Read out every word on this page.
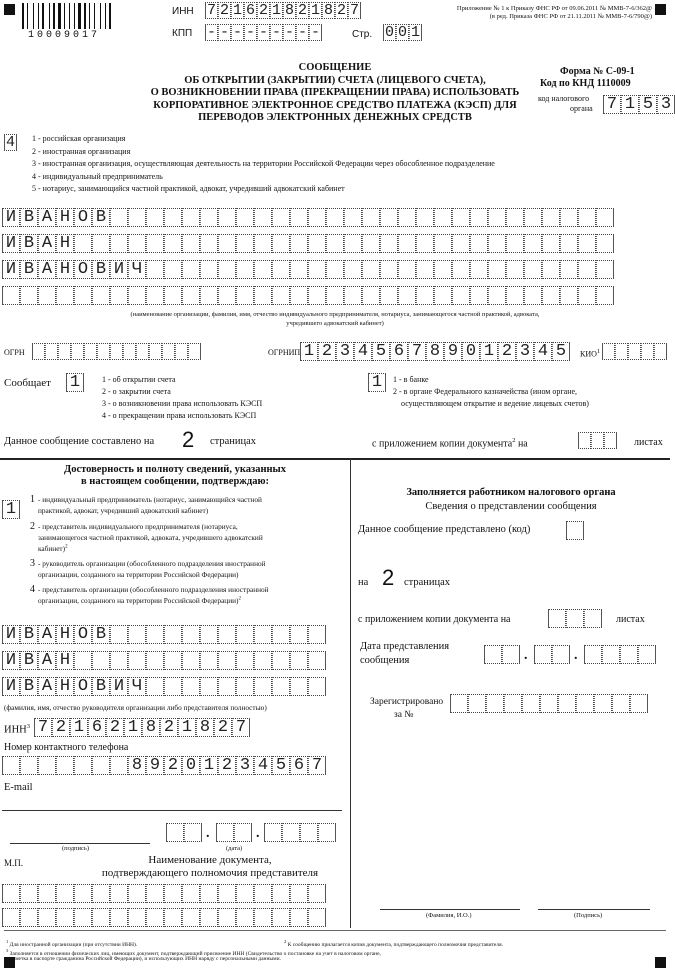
10009017
ИНН 7 2 1 6 2 1 8 2 1 8 2 7
КПП - - - - - - - - -	Стр. 0 0 1
Приложение № 1 к Приказу ФНС РФ от 09.06.2011 № ММВ-7-6/362@
(в ред. Приказа ФНС РФ от 21.11.2011 № ММВ-7-6/790@)
Форма № С-09-1
Код по КНД 1110009
код налогового
органа 7 1 5 3
СООБЩЕНИЕ
ОБ ОТКРЫТИИ (ЗАКРЫТИИ) СЧЕТА (ЛИЦЕВОГО СЧЕТА),
О ВОЗНИКНОВЕНИИ ПРАВА (ПРЕКРАЩЕНИИ ПРАВА) ИСПОЛЬЗОВАТЬ
КОРПОРАТИВНОЕ ЭЛЕКТРОННОЕ СРЕДСТВО ПЛАТЕЖА (КЭСП) ДЛЯ
ПЕРЕВОДОВ ЭЛЕКТРОННЫХ ДЕНЕЖНЫХ СРЕДСТВ
4 1 - российская организация
2 - иностранная организация
3 - иностранная организация, осуществляющая деятельность на территории Российской Федерации через обособленное подразделение
4 - индивидуальный предприниматель
5 - нотариус, занимающийся частной практикой, адвокат, учредивший адвокатский кабинет
И В А Н О В
И В А Н
И В А Н О В И Ч
(наименование организации, фамилия, имя, отчество индивидуального предпринимателя, нотариуса, занимающегося частной практикой, адвоката,
учредившего адвокатский кабинет)
ОГРН	ОГРНИП 1 2 3 4 5 6 7 8 9 0 1 2 3 4 5	КИО$^1$
Сообщает 1	1 - об открытии счета
2 - о закрытии счета
3 - о возникновении права использовать КЭСП
4 - о прекращении права использовать КЭСП
1	1 - в банке
2 - в органе Федерального казначейства (ином органе,
осуществляющем открытие и ведение лицевых счетов)
Данное сообщение составлено на 2 страницах	с приложением копии документа$^2$ на	листах
Достоверность и полноту сведений, указанных
в настоящем сообщении, подтверждаю:
1
1 - индивидуальный предприниматель (нотариус, занимающийся частной
практикой, адвокат, учредивший адвокатский кабинет)
2 - представитель индивидуального предпринимателя (нотариуса,
занимающегося частной практикой, адвоката, учредившего адвокатский
кабинет)$^2$
3 - руководитель организации (обособленного подразделения иностранной
организации, созданного на территории Российской Федерации)
4 - представитель организации (обособленного подразделения иностранной
организации, созданного на территории Российской Федерации)$^2$
И В А Н О В
И В А Н
И В А Н О В И Ч
(фамилия, имя, отчество руководителя организации либо представителя полностью)
ИНН$^3$ 7 2 1 6 2 1 8 2 1 8 2 7
Номер контактного телефона
8 9 2 0 1 2 3 4 5 6 7
E-mail
(подпись)
.	.
(дата)
М.П.	Наименование документа,
подтверждающего полномочия представителя
Заполняется работником налогового органа
Сведения о представлении сообщения
Данное сообщение представлено (код)
на 2 страницах
с приложением копии документа на	листах
Дата представления
сообщения	.	.
Зарегистрировано
за №
(Фамилия, И.О.)	(Подпись)
$^1$ Для иностранной организации (при отсутствии ИНН).
$^2$ К сообщению прилагается копия документа, подтверждающего полномочия представителя.
$^3$ Заполняется в отношении физических лиц, имеющих документ, подтверждающий присвоение ИНН (Свидетельство о постановке на учет в налоговом органе,
отметка в паспорте гражданина Российской Федерации), и использующих ИНН наряду с персональными данными.
